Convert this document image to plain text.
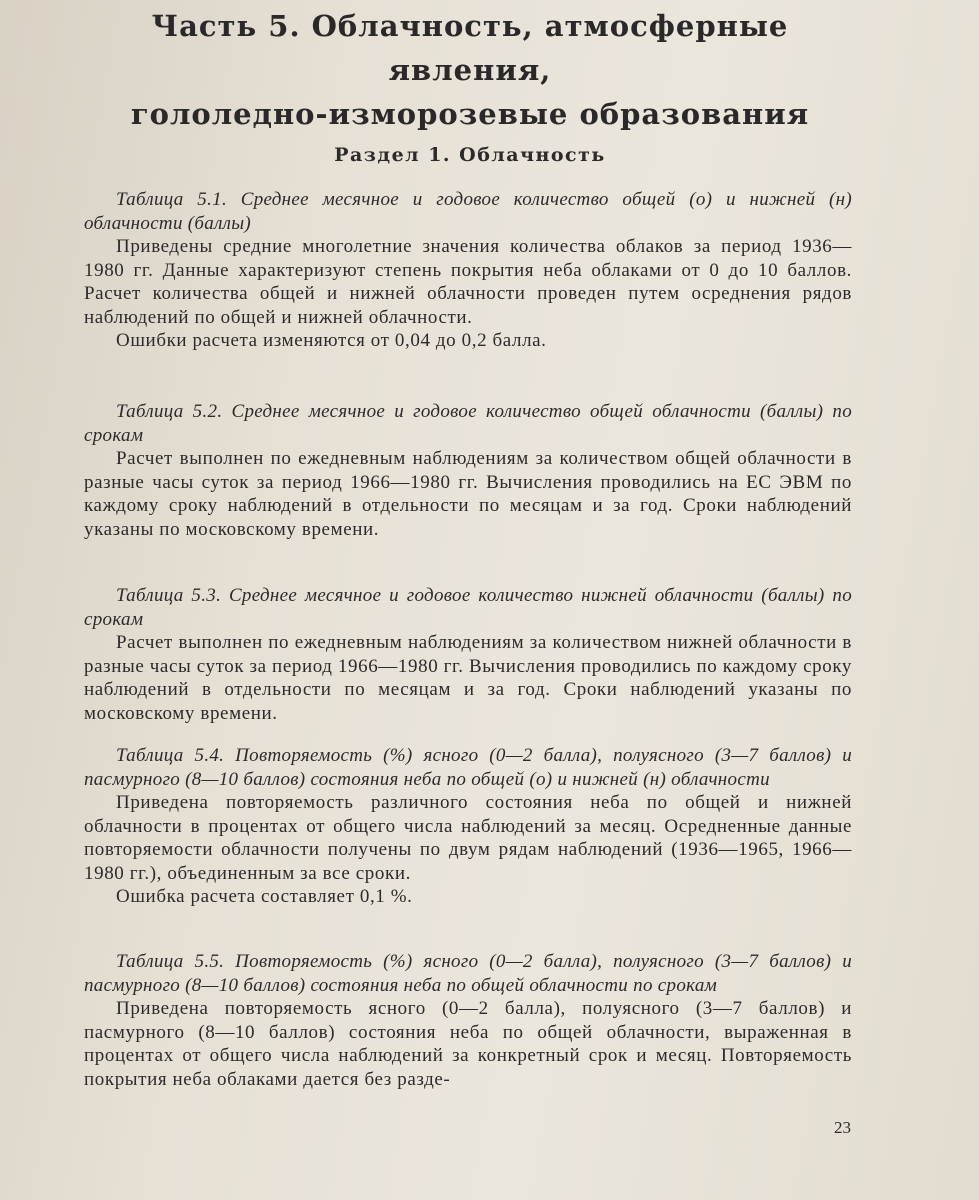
Часть 5. Облачность, атмосферные явления,
гололедно-изморозевые образования
Раздел 1. Облачность

Таблица 5.1. Среднее месячное и годовое количество общей (о) и нижней (н) облачности (баллы)

Приведены средние многолетние значения количества облаков за период 1936—1980 гг. Данные характеризуют степень покрытия неба облаками от 0 до 10 баллов. Расчет количества общей и нижней облачности проведен путем осреднения рядов наблюдений по общей и нижней облачности.

Ошибки расчета изменяются от 0,04 до 0,2 балла.

Таблица 5.2. Среднее месячное и годовое количество общей облачности (баллы) по срокам

Расчет выполнен по ежедневным наблюдениям за количеством общей облачности в разные часы суток за период 1966—1980 гг. Вычисления проводились на ЕС ЭВМ по каждому сроку наблюдений в отдельности по месяцам и за год. Сроки наблюдений указаны по московскому времени.

Таблица 5.3. Среднее месячное и годовое количество нижней облачности (баллы) по срокам

Расчет выполнен по ежедневным наблюдениям за количеством нижней облачности в разные часы суток за период 1966—1980 гг. Вычисления проводились по каждому сроку наблюдений в отдельности по месяцам и за год. Сроки наблюдений указаны по московскому времени.

Таблица 5.4. Повторяемость (%) ясного (0—2 балла), полуясного (3—7 баллов) и пасмурного (8—10 баллов) состояния неба по общей (о) и нижней (н) облачности

Приведена повторяемость различного состояния неба по общей и нижней облачности в процентах от общего числа наблюдений за месяц. Осредненные данные повторяемости облачности получены по двум рядам наблюдений (1936—1965, 1966—1980 гг.), объединенным за все сроки.

Ошибка расчета составляет 0,1 %.

Таблица 5.5. Повторяемость (%) ясного (0—2 балла), полуясного (3—7 баллов) и пасмурного (8—10 баллов) состояния неба по общей облачности по срокам

Приведена повторяемость ясного (0—2 балла), полуясного (3—7 баллов) и пасмурного (8—10 баллов) состояния неба по общей облачности, выраженная в процентах от общего числа наблюдений за конкретный срок и месяц. Повторяемость покрытия неба облаками дается без разде-

23
